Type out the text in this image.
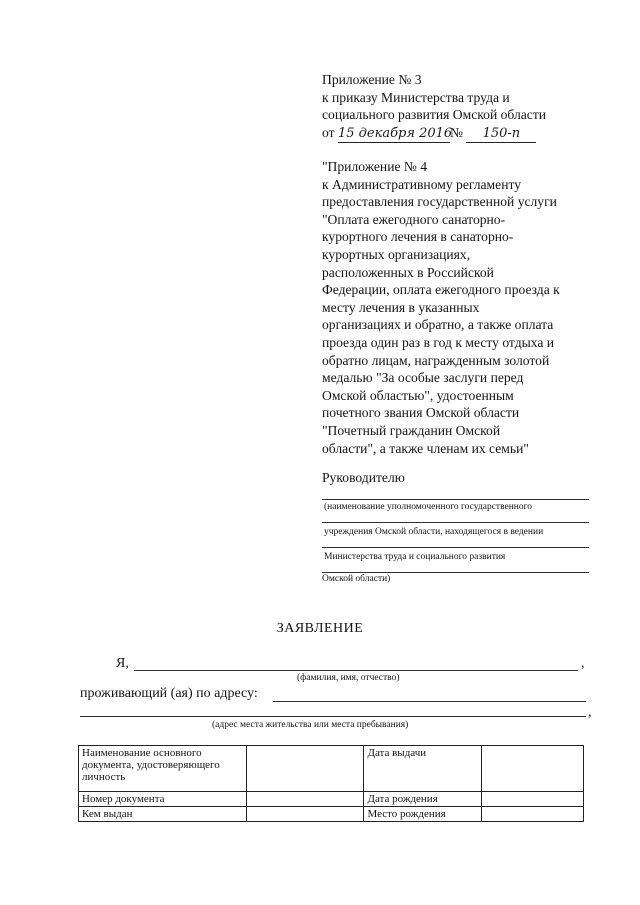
Приложение № 3
к приказу Министерства труда и
социального развития Омской области
от 15 декабря 2016№ 150-п
"Приложение № 4
к Административному регламенту
предоставления государственной услуги
"Оплата ежегодного санаторно-
курортного лечения в санаторно-
курортных организациях,
расположенных в Российской
Федерации, оплата ежегодного проезда к
месту лечения в указанных
организациях и обратно, а также оплата
проезда один раз в год к месту отдыха и
обратно лицам, награжденным золотой
медалью "За особые заслуги перед
Омской областью", удостоенным
почетного звания Омской области
"Почетный гражданин Омской
области", а также членам их семьи"
Руководителю
(наименование уполномоченного государственного
учреждения Омской области, находящегося в ведении
Министерства труда и социального развития
Омской области)
ЗАЯВЛЕНИЕ
Я,	,
(фамилия, имя, отчество)
проживающий (ая) по адресу:
,
(адрес места жительства или места пребывания)
Наименование основного документа, удостоверяющего личность		Дата выдачи	
Номер документа		Дата рождения	
Кем выдан		Место рождения	
